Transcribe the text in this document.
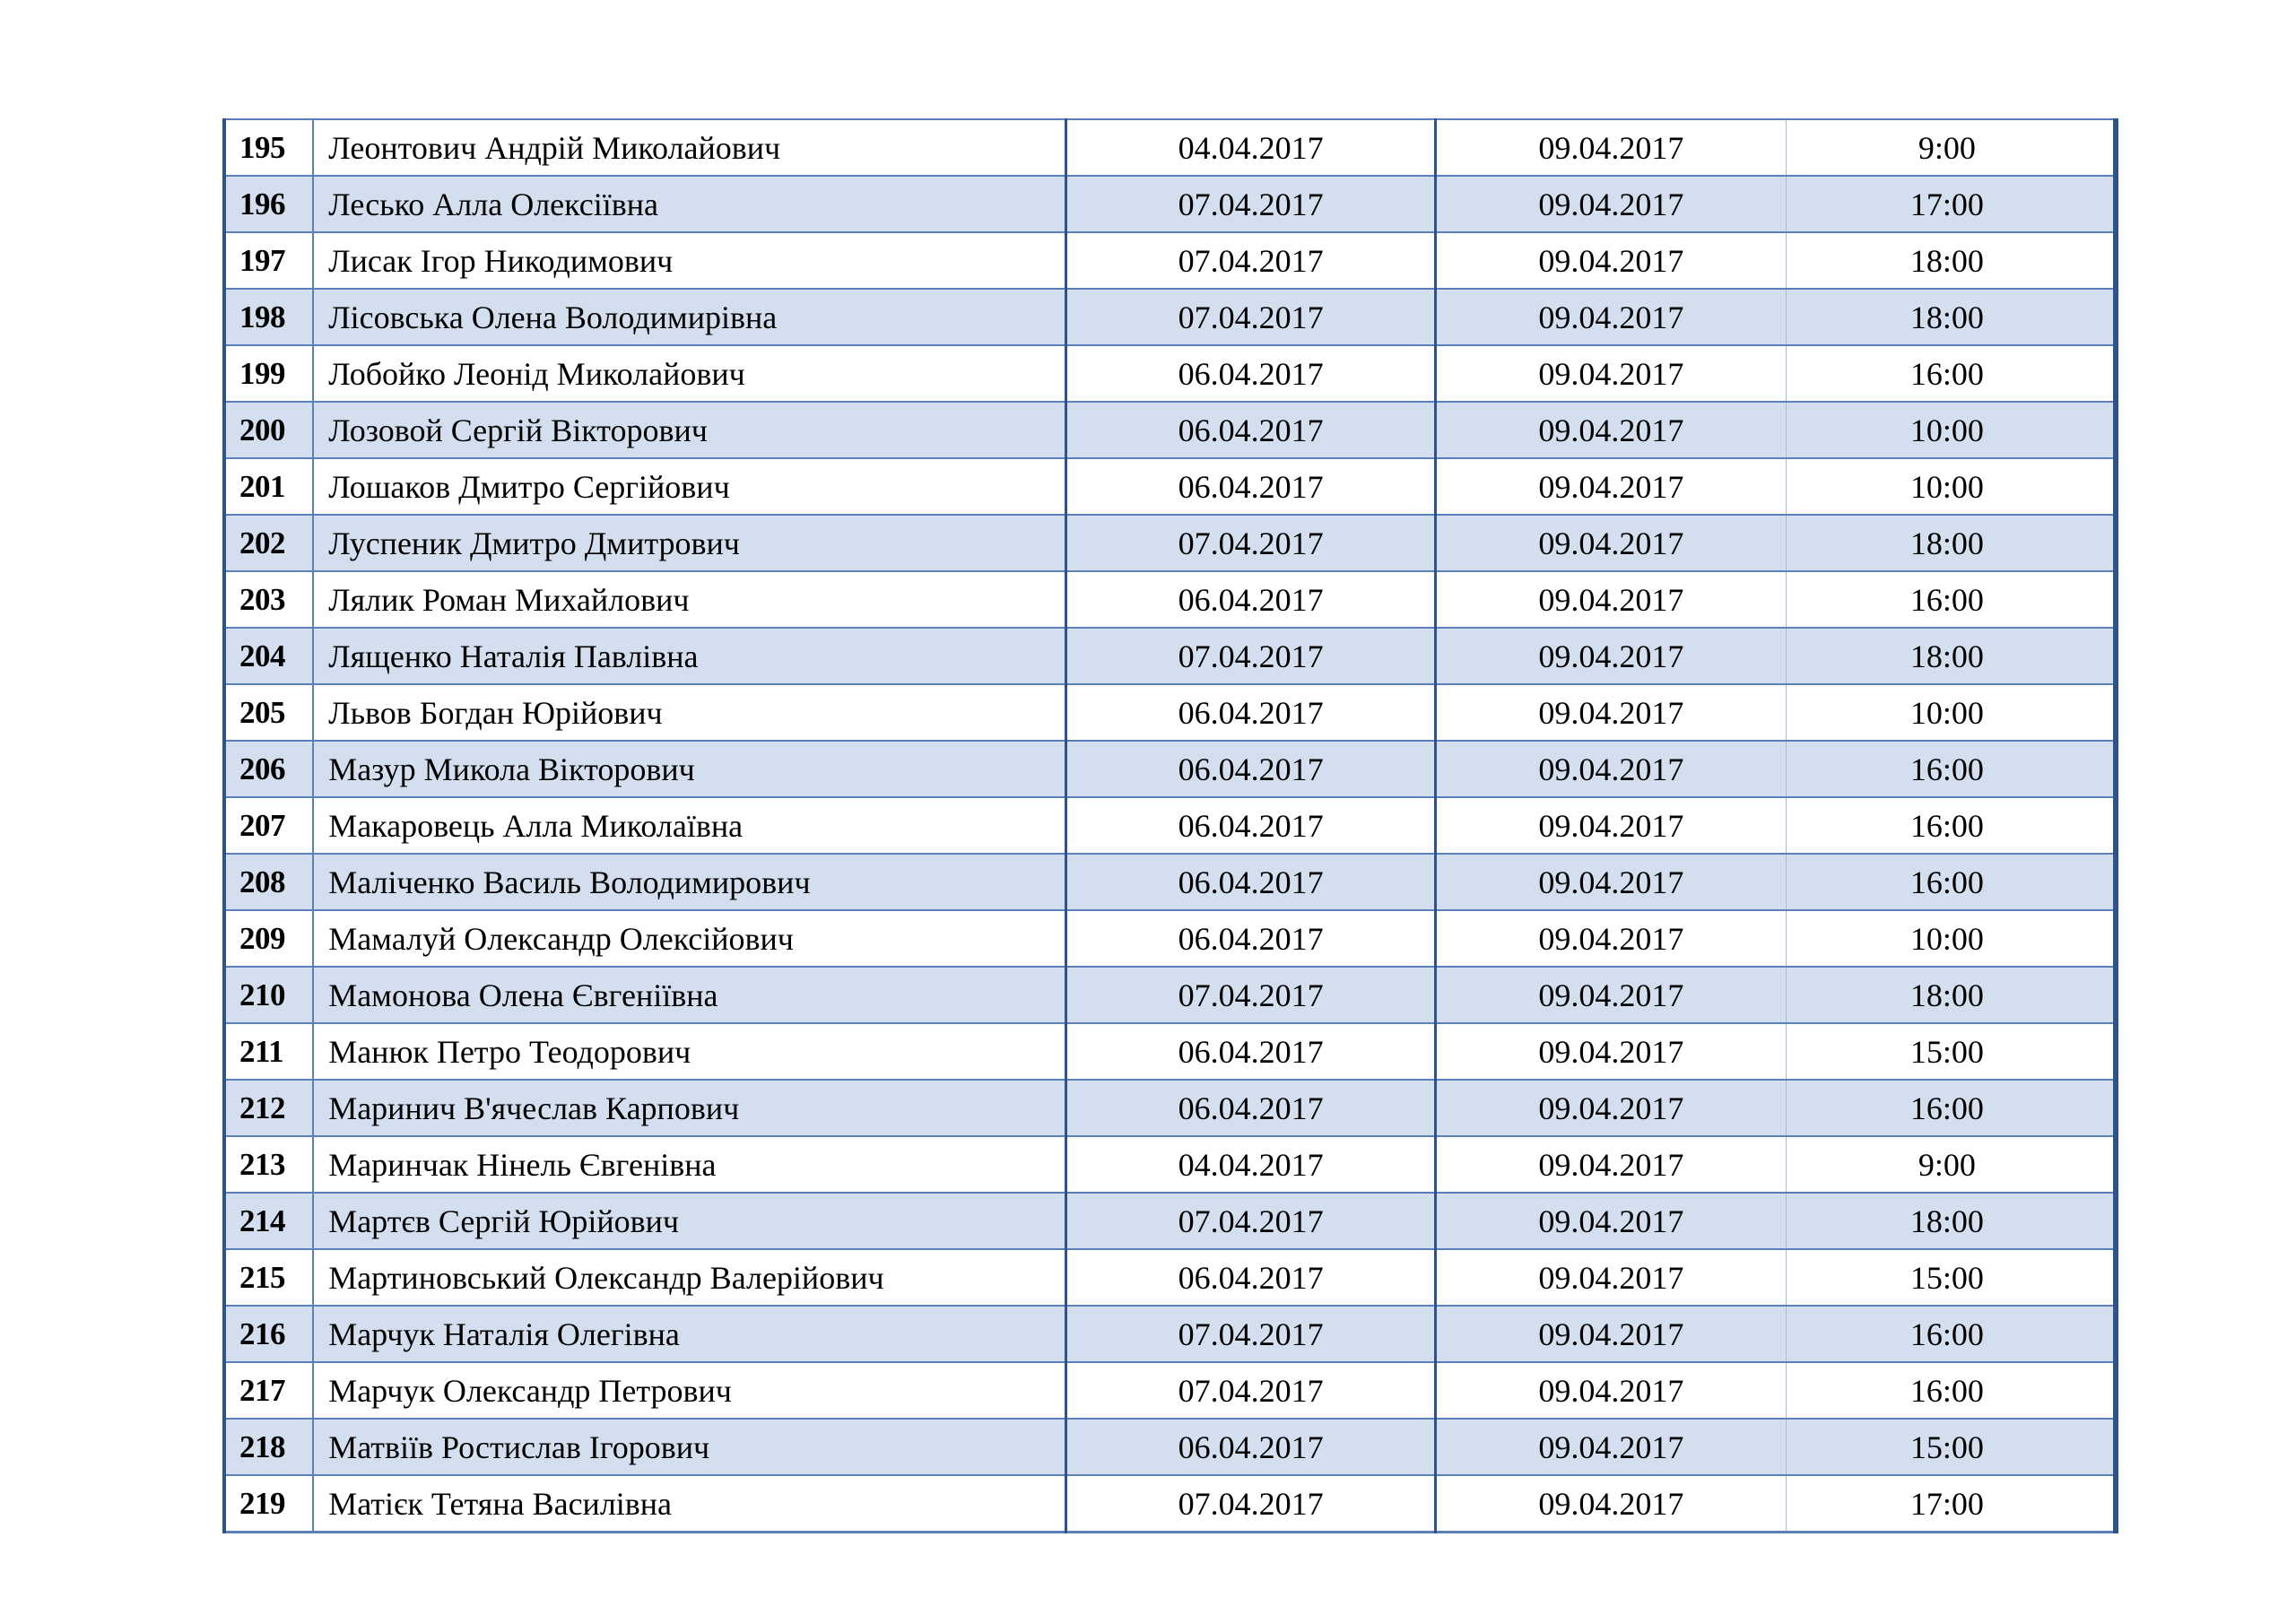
195	Леонтович Андрій Миколайович	04.04.2017	09.04.2017	9:00
196	Лесько Алла Олексіївна	07.04.2017	09.04.2017	17:00
197	Лисак Ігор Никодимович	07.04.2017	09.04.2017	18:00
198	Лісовська Олена Володимирівна	07.04.2017	09.04.2017	18:00
199	Лобойко Леонід Миколайович	06.04.2017	09.04.2017	16:00
200	Лозовой Сергій Вікторович	06.04.2017	09.04.2017	10:00
201	Лошаков Дмитро Сергійович	06.04.2017	09.04.2017	10:00
202	Луспеник Дмитро Дмитрович	07.04.2017	09.04.2017	18:00
203	Лялик Роман Михайлович	06.04.2017	09.04.2017	16:00
204	Лященко Наталія Павлівна	07.04.2017	09.04.2017	18:00
205	Львов Богдан Юрійович	06.04.2017	09.04.2017	10:00
206	Мазур Микола Вікторович	06.04.2017	09.04.2017	16:00
207	Макаровець Алла Миколаївна	06.04.2017	09.04.2017	16:00
208	Маліченко Василь Володимирович	06.04.2017	09.04.2017	16:00
209	Мамалуй Олександр Олексійович	06.04.2017	09.04.2017	10:00
210	Мамонова Олена Євгеніївна	07.04.2017	09.04.2017	18:00
211	Манюк Петро Теодорович	06.04.2017	09.04.2017	15:00
212	Маринич В'ячеслав Карпович	06.04.2017	09.04.2017	16:00
213	Маринчак Нінель Євгенівна	04.04.2017	09.04.2017	9:00
214	Мартєв Сергій Юрійович	07.04.2017	09.04.2017	18:00
215	Мартиновський Олександр Валерійович	06.04.2017	09.04.2017	15:00
216	Марчук Наталія Олегівна	07.04.2017	09.04.2017	16:00
217	Марчук Олександр Петрович	07.04.2017	09.04.2017	16:00
218	Матвіїв Ростислав Ігорович	06.04.2017	09.04.2017	15:00
219	Матієк Тетяна Василівна	07.04.2017	09.04.2017	17:00
